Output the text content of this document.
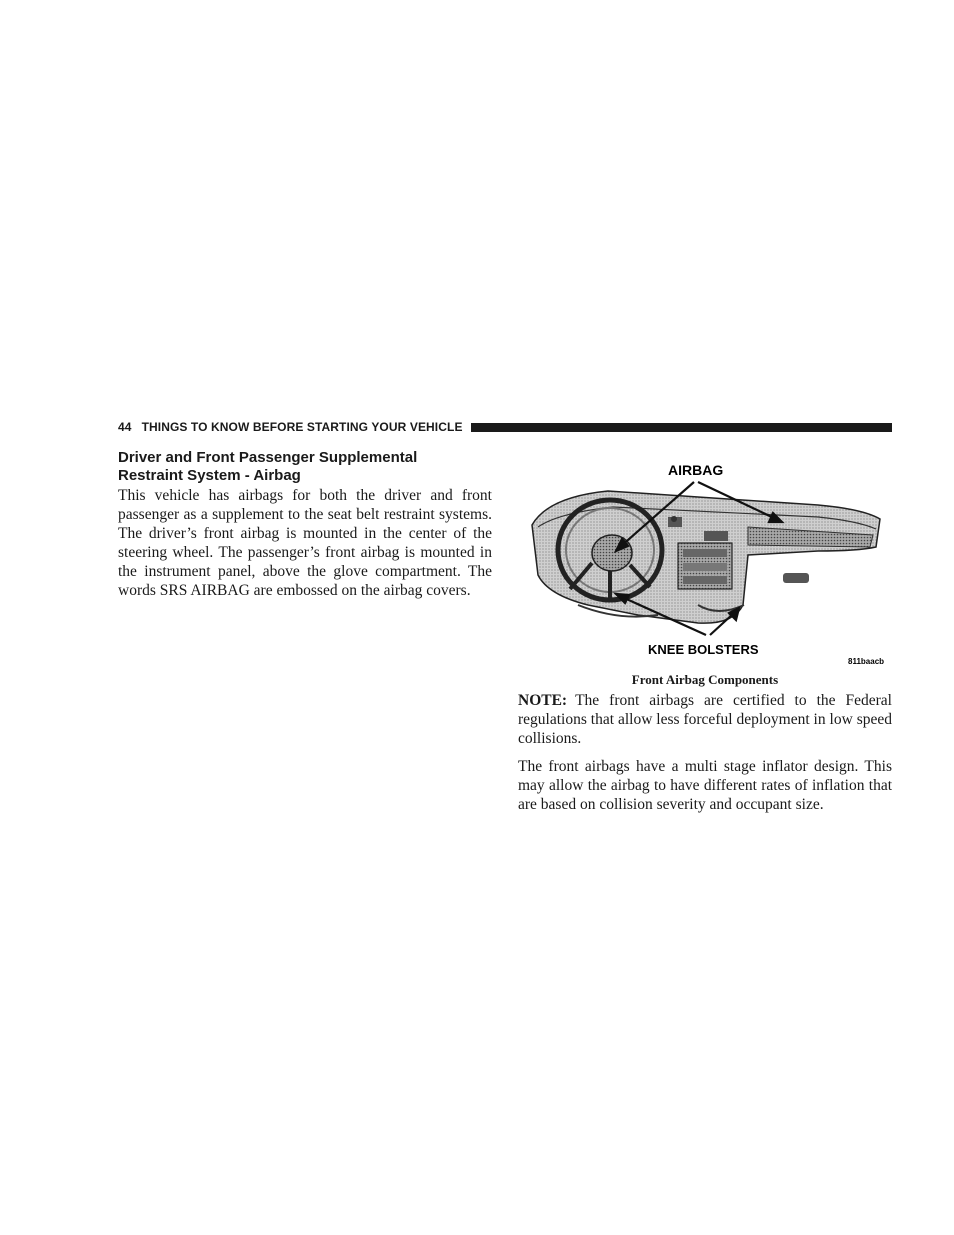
44 THINGS TO KNOW BEFORE STARTING YOUR VEHICLE
Driver and Front Passenger Supplemental
Restraint System - Airbag

This vehicle has airbags for both the driver and front passenger as a supplement to the seat belt restraint systems. The driver’s front airbag is mounted in the center of the steering wheel. The passenger’s front airbag is mounted in the instrument panel, above the glove compartment. The words SRS AIRBAG are embossed on the airbag covers.

AIRBAG
KNEE BOLSTERS
811baacb
Front Airbag Components

NOTE: The front airbags are certified to the Federal regulations that allow less forceful deployment in low speed collisions.

The front airbags have a multi stage inflator design. This may allow the airbag to have different rates of inflation that are based on collision severity and occupant size.
